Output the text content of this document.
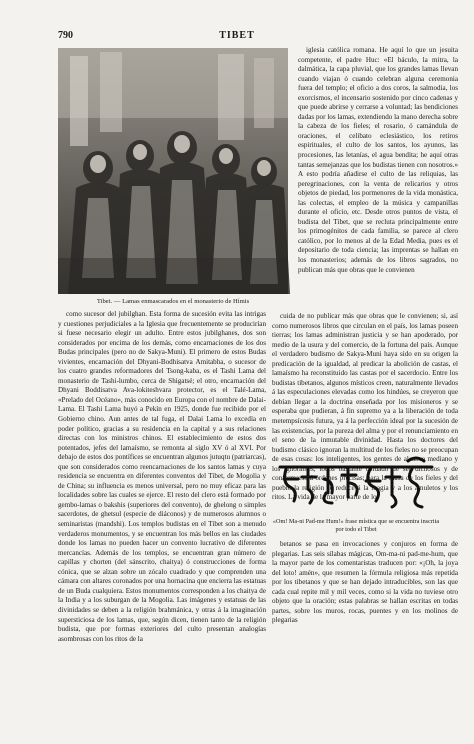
790	TIBET
Tibet. — Lamas enmascarados en el monasterio de Hímis

iglesia católica romana. He aquí lo que un jesuita competente, el padre Huc: «El báculo, la mitra, la dalmática, la capa pluvial, que los grandes lamas llevan cuando viajan ó cuando celebran alguna ceremonia fuera del templo; el oficio a dos coros, la salmodia, los exorcismos, el incensario sostenido por cinco cadenas y que puede abrirse y cerrarse a voluntad; las bendiciones dadas por los lamas, extendiendo la mano derecha sobre la cabeza de los fieles; el rosario, ó camándula de oraciones, el celibato eclesiástico, los retiros espirituales, el culto de los santos, los ayunos, las procesiones, las letanías, el agua bendita; he aquí otras tantas semejanzas que los budistas tienen con nosotros.» A esto podría añadirse el culto de las reliquias, las peregrinaciones, con la venta de relicarios y otros objetos de piedad, los pormenores de la vida monástica, las colectas, el empleo de la música y campanillas durante el oficio, etc. Desde otros puntos de vista, el budista del Tibet, que se recluta principalmente entre los primogénitos de cada familia, se parece al clero católico, por lo menos al de la Edad Media, pues es el depositario de toda ciencia; las imprentas se hallan en los monasterios; además de los libros sagrados, no publican más que obras que le convienen

como sucesor del jubilghan. Esta forma de sucesión evita las intrigas y cuestiones perjudiciales a la Iglesia que frecuentemente se producirían si fuese necesario elegir un adulto. Entre estos jubilghanes, dos son considerados por encima de los demás, como encarnaciones de los dos Budas principales (pero no de Sakya-Muni). El primero de estos Budas vivientes, encarnación del Dhyani-Bodhisatva Amitabha, o sucesor de los cuatro grandes reformadores del Tsong-kaba, es el Tashi Lama del monasterio de Tashi-lumbo, cerca de Shigatsé; el otro, encarnación del Dhyani Boddisatva Ava-lokiteshvara protector, es el Talé-Lama, «Prelado del Océano», más conocido en Europa con el nombre de Dalai-Lama. El Tashi Lama huyó a Pekín en 1925, donde fue recibido por el Gobierno chino. Aun antes de tal fuga, el Dalai Lama lo excedía en poder político, gracias a su residencia en la capital y a sus relaciones directas con los ministros chinos. El establecimiento de estos dos potentados, jefes del lamaísmo, se remonta al siglo XV ó al XVI. Por debajo de estos dos pontífices se encuentran algunos jutuqtu (patriarcas), que son considerados como reencarnaciones de los santos lamas y cuya residencia se encuentra en diferentes conventos del Tibet, de Mogolia y de China; su influencia es menos universal, pero no muy eficaz para las localidades sobre las cuales se ejerce. El resto del clero está formado por gembo-lamas o bakshis (superiores del convento), de ghelong o simples sacerdotes, de ghetsul (especie de diáconos) y de numerosos alumnos o seminaristas (mandshi). Los templos budistas en el Tibet son a menudo verdaderos monumentos, y se encuentran los más bellos en las ciudades donde los lamas no pueden hacer un convento lucrativo de diferentes mercancías. Además de los templos, se encuentran gran número de capillas y chorten (del sánscrito, chaitya) ó construcciones de forma cónica, que se alzan sobre un zócalo cuadrado y que comprenden una cámara con altares coronados por una hornacina que encierra las estatuas de un Buda cualquiera. Estos monumentos corresponden a los chaitya de la India y a los suburgan de la Mogolia. Las imágenes y estatuas de las divinidades se deben a la religión brahmánica, y otras á la imaginación supersticiosa de los lamas, que, según dicen, tienen tanto de la religión budista, que por formas exteriores del culto presentan analogías asombrosas con los ritos de la

cuida de no publicar más que obras que le convienen; si, así como numerosos libros que circulan en el país, los lamas poseen tierras; los lamas administran justicia y se han apoderado, por medio de la usura y del comercio, de la fortuna del país. Aunque el verdadero budismo de Sakya-Muni haya sido en su origen la predicación de la igualdad, al predicar la abolición de castas, el lamaísmo ha reconstituido las castas por el sacerdocio. Entre los budistas tibetanos, algunos místicos creen, naturalmente llevados á las especulaciones elevadas como los hindúes, se creyeron que debían llegar a la doctrina enseñada por los misioneros y se esperaba que pudieran, á fin supremo ya a la liberación de toda metempsícosis futura, ya á la perfección ideal por la sucesión de las existencias, por la pureza del alma y por el renunciamiento en el seno de la inmutable divinidad. Hasta los doctores del budismo clásico ignoran la multitud de los fieles no se preocupan de esas cosas: los inteligentes, los gentes de alcance mediano y los ignorantes, todos bastante cuidado de ser dichosos y de conformarse á órdenes precisas; para la masa de los fieles y del pueblo la religión se reduce á la magia y a los amuletos y los ritos. La vida de la mayor parte de los

«Om! Ma-ni Pad-me Hum!» frase mística que se encuentra inscrita por todo el Tibet

betanos se pasa en invocaciones y conjuros en forma de plegarias. Las seis sílabas mágicas, Om-ma-ni pad-me-hum, que la mayor parte de los comentaristas traducen por: «¡Oh, la joya del loto! amén», que resumen la fórmula religiosa más repetida por los tibetanos y que se han dejado intraducibles, son las que cada cual repite mil y mil veces, como si la vida no tuviese otro objeto que la oración; estas palabras se hallan escritas en todas partes, sobre los muros, rocas, puentes y en los molinos de plegarias
